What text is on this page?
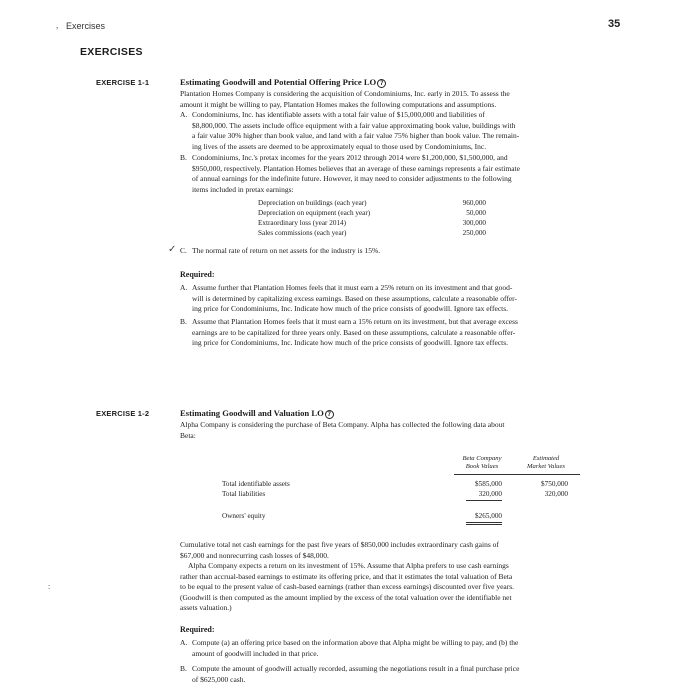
, Exercises	35
EXERCISES
EXERCISE 1-1	Estimating Goodwill and Potential Offering Price LO 7
Plantation Homes Company is considering the acquisition of Condominiums, Inc. early in 2015. To assess the
amount it might be willing to pay, Plantation Homes makes the following computations and assumptions.
A. Condominiums, Inc. has identifiable assets with a total fair value of $15,000,000 and liabilities of
$8,800,000. The assets include office equipment with a fair value approximating book value, buildings with
a fair value 30% higher than book value, and land with a fair value 75% higher than book value. The remain-
ing lives of the assets are deemed to be approximately equal to those used by Condominiums, Inc.
B. Condominiums, Inc.'s pretax incomes for the years 2012 through 2014 were $1,200,000, $1,500,000, and
$950,000, respectively. Plantation Homes believes that an average of these earnings represents a fair estimate
of annual earnings for the indefinite future. However, it may need to consider adjustments to the following
items included in pretax earnings:
Depreciation on buildings (each year)	960,000
Depreciation on equipment (each year)	50,000
Extraordinary loss (year 2014)	300,000
Sales commissions (each year)	250,000
✓ C. The normal rate of return on net assets for the industry is 15%.
Required:
A. Assume further that Plantation Homes feels that it must earn a 25% return on its investment and that good-
will is determined by capitalizing excess earnings. Based on these assumptions, calculate a reasonable offer-
ing price for Condominiums, Inc. Indicate how much of the price consists of goodwill. Ignore tax effects.
B. Assume that Plantation Homes feels that it must earn a 15% return on its investment, but that average excess
earnings are to be capitalized for three years only. Based on these assumptions, calculate a reasonable offer-
ing price for Condominiums, Inc. Indicate how much of the price consists of goodwill. Ignore tax effects.
EXERCISE 1-2	Estimating Goodwill and Valuation LO 7
Alpha Company is considering the purchase of Beta Company. Alpha has collected the following data about
Beta:
Beta Company
Book Values
Estimated
Market Values
Total identifiable assets	$585,000	$750,000
Total liabilities	320,000	320,000
Owners' equity	$265,000
Cumulative total net cash earnings for the past five years of $850,000 includes extraordinary cash gains of
$67,000 and nonrecurring cash losses of $48,000.
:
Alpha Company expects a return on its investment of 15%. Assume that Alpha prefers to use cash earnings
rather than accrual-based earnings to estimate its offering price, and that it estimates the total valuation of Beta
to be equal to the present value of cash-based earnings (rather than excess earnings) discounted over five years.
(Goodwill is then computed as the amount implied by the excess of the total valuation over the identifiable net
assets valuation.)
Required:
A. Compute (a) an offering price based on the information above that Alpha might be willing to pay, and (b) the
amount of goodwill included in that price.
B. Compute the amount of goodwill actually recorded, assuming the negotiations result in a final purchase price
of $625,000 cash.
